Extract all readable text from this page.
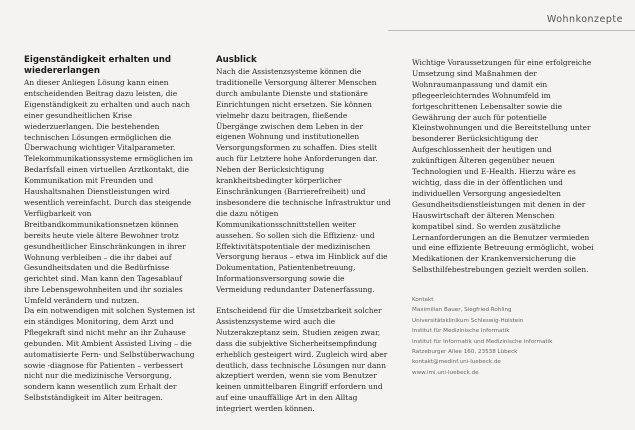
Wohnkonzepte
Eigenständigkeit erhalten und wiedererlangen

An dieser Anliegen Lösung kann einen entscheidenden Beitrag dazu leisten, die Eigenständigkeit zu erhalten und auch nach einer gesundheitlichen Krise wiederzuerlangen. Die bestehenden technischen Lösungen ermöglichen die Überwachung wichtiger Vitalparameter. Telekommunikationssysteme ermöglichen im Bedarfsfall einen virtuellen Arztkontakt, die Kommunikation mit Freunden und Haushaltsnahen Dienstleistungen wird wesentlich vereinfacht. Durch das steigende Verfügbarkeit von Breitbandkommunikationsnetzen können bereits heute viele ältere Bewohner trotz gesundheitlicher Einschränkungen in ihrer Wohnung verbleiben – die ihr dabei auf Gesundheitsdaten und die Bedürfnisse gerichtet sind. Man kann den Tagesablauf ihre Lebensgewohnheiten und ihr soziales Umfeld verändern und nutzen.

Da ein notwendigen mit solchen Systemen ist ein ständiges Monitoring, dem Arzt und Pflegekraft sind nicht mehr an ihr Zuhause gebunden. Mit Ambient Assisted Living – die automatisierte Fern- und Selbstüberwachung sowie -diagnose für Patienten – verbessert nicht nur die medizinische Versorgung, sondern kann wesentlich zum Erhalt der Selbstständigkeit im Alter beitragen.

Ausblick

Nach die Assistenzsysteme können die traditionelle Versorgung älterer Menschen durch ambulante Dienste und stationäre Einrichtungen nicht ersetzen. Sie können vielmehr dazu beitragen, fließende Übergänge zwischen dem Leben in der eigenen Wohnung und institutionellen Versorgungsformen zu schaffen. Dies stellt auch für Letztere hohe Anforderungen dar. Neben der Berücksichtigung krankheitsbedingter körperlicher Einschränkungen (Barrierefreiheit) und insbesondere die technische Infrastruktur und die dazu nötigen Kommunikationsschnittstellen weiter aussehen. So sollen sich die Effizienz- und Effektivitätspotentiale der medizinischen Versorgung heraus – etwa im Hinblick auf die Dokumentation, Patientenbetreuung, Informationsversorgung sowie die Vermeidung redundanter Datenerfassung.

Entscheidend für die Umsetzbarkeit solcher Assistenzsysteme wird auch die Nutzerakzeptanz sein. Studien zeigen zwar, dass die subjektive Sicherheitsempfindung erheblich gesteigert wird. Zugleich wird aber deutlich, dass technische Lösungen nur dann akzeptiert werden, wenn sie vom Benutzer keinen unmittelbaren Eingriff erfordern und auf eine unauffällige Art in den Alltag integriert werden können.

Wichtige Voraussetzungen für eine erfolgreiche Umsetzung sind Maßnahmen der Wohnraumanpassung und damit ein pflegeerleichterndes Wohnumfeld im fortgeschrittenen Lebensalter sowie die Gewährung der auch für potentielle Kleinstwohnungen und die Bereitstellung unter besonderer Berücksichtigung der Aufgeschlossenheit der heutigen und zukünftigen Älteren gegenüber neuen Technologien und E-Health. Hierzu wäre es wichtig, dass die in der öffentlichen und individuellen Versorgung angesiedelten Gesundheitsdienstleistungen mit denen in der Hauswirtschaft der älteren Menschen kompatibel sind. So werden zusätzliche Lernanforderungen an die Benutzer vermieden und eine effiziente Betreuung ermöglicht, wobei Medikationen der Krankenversicherung die Selbsthilfebestrebungen gezielt werden sollen.

Kontakt
Maximilian Bauer, Siegfried Rohling
Universitätsklinikum Schleswig-Holstein
Institut für Medizinische Informatik
Institut für Informatik und Medizinische Informatik
Ratzeburger Allee 160, 23538 Lübeck
kontakt@medinf.uni-luebeck.de
www.imi.uni-luebeck.de
